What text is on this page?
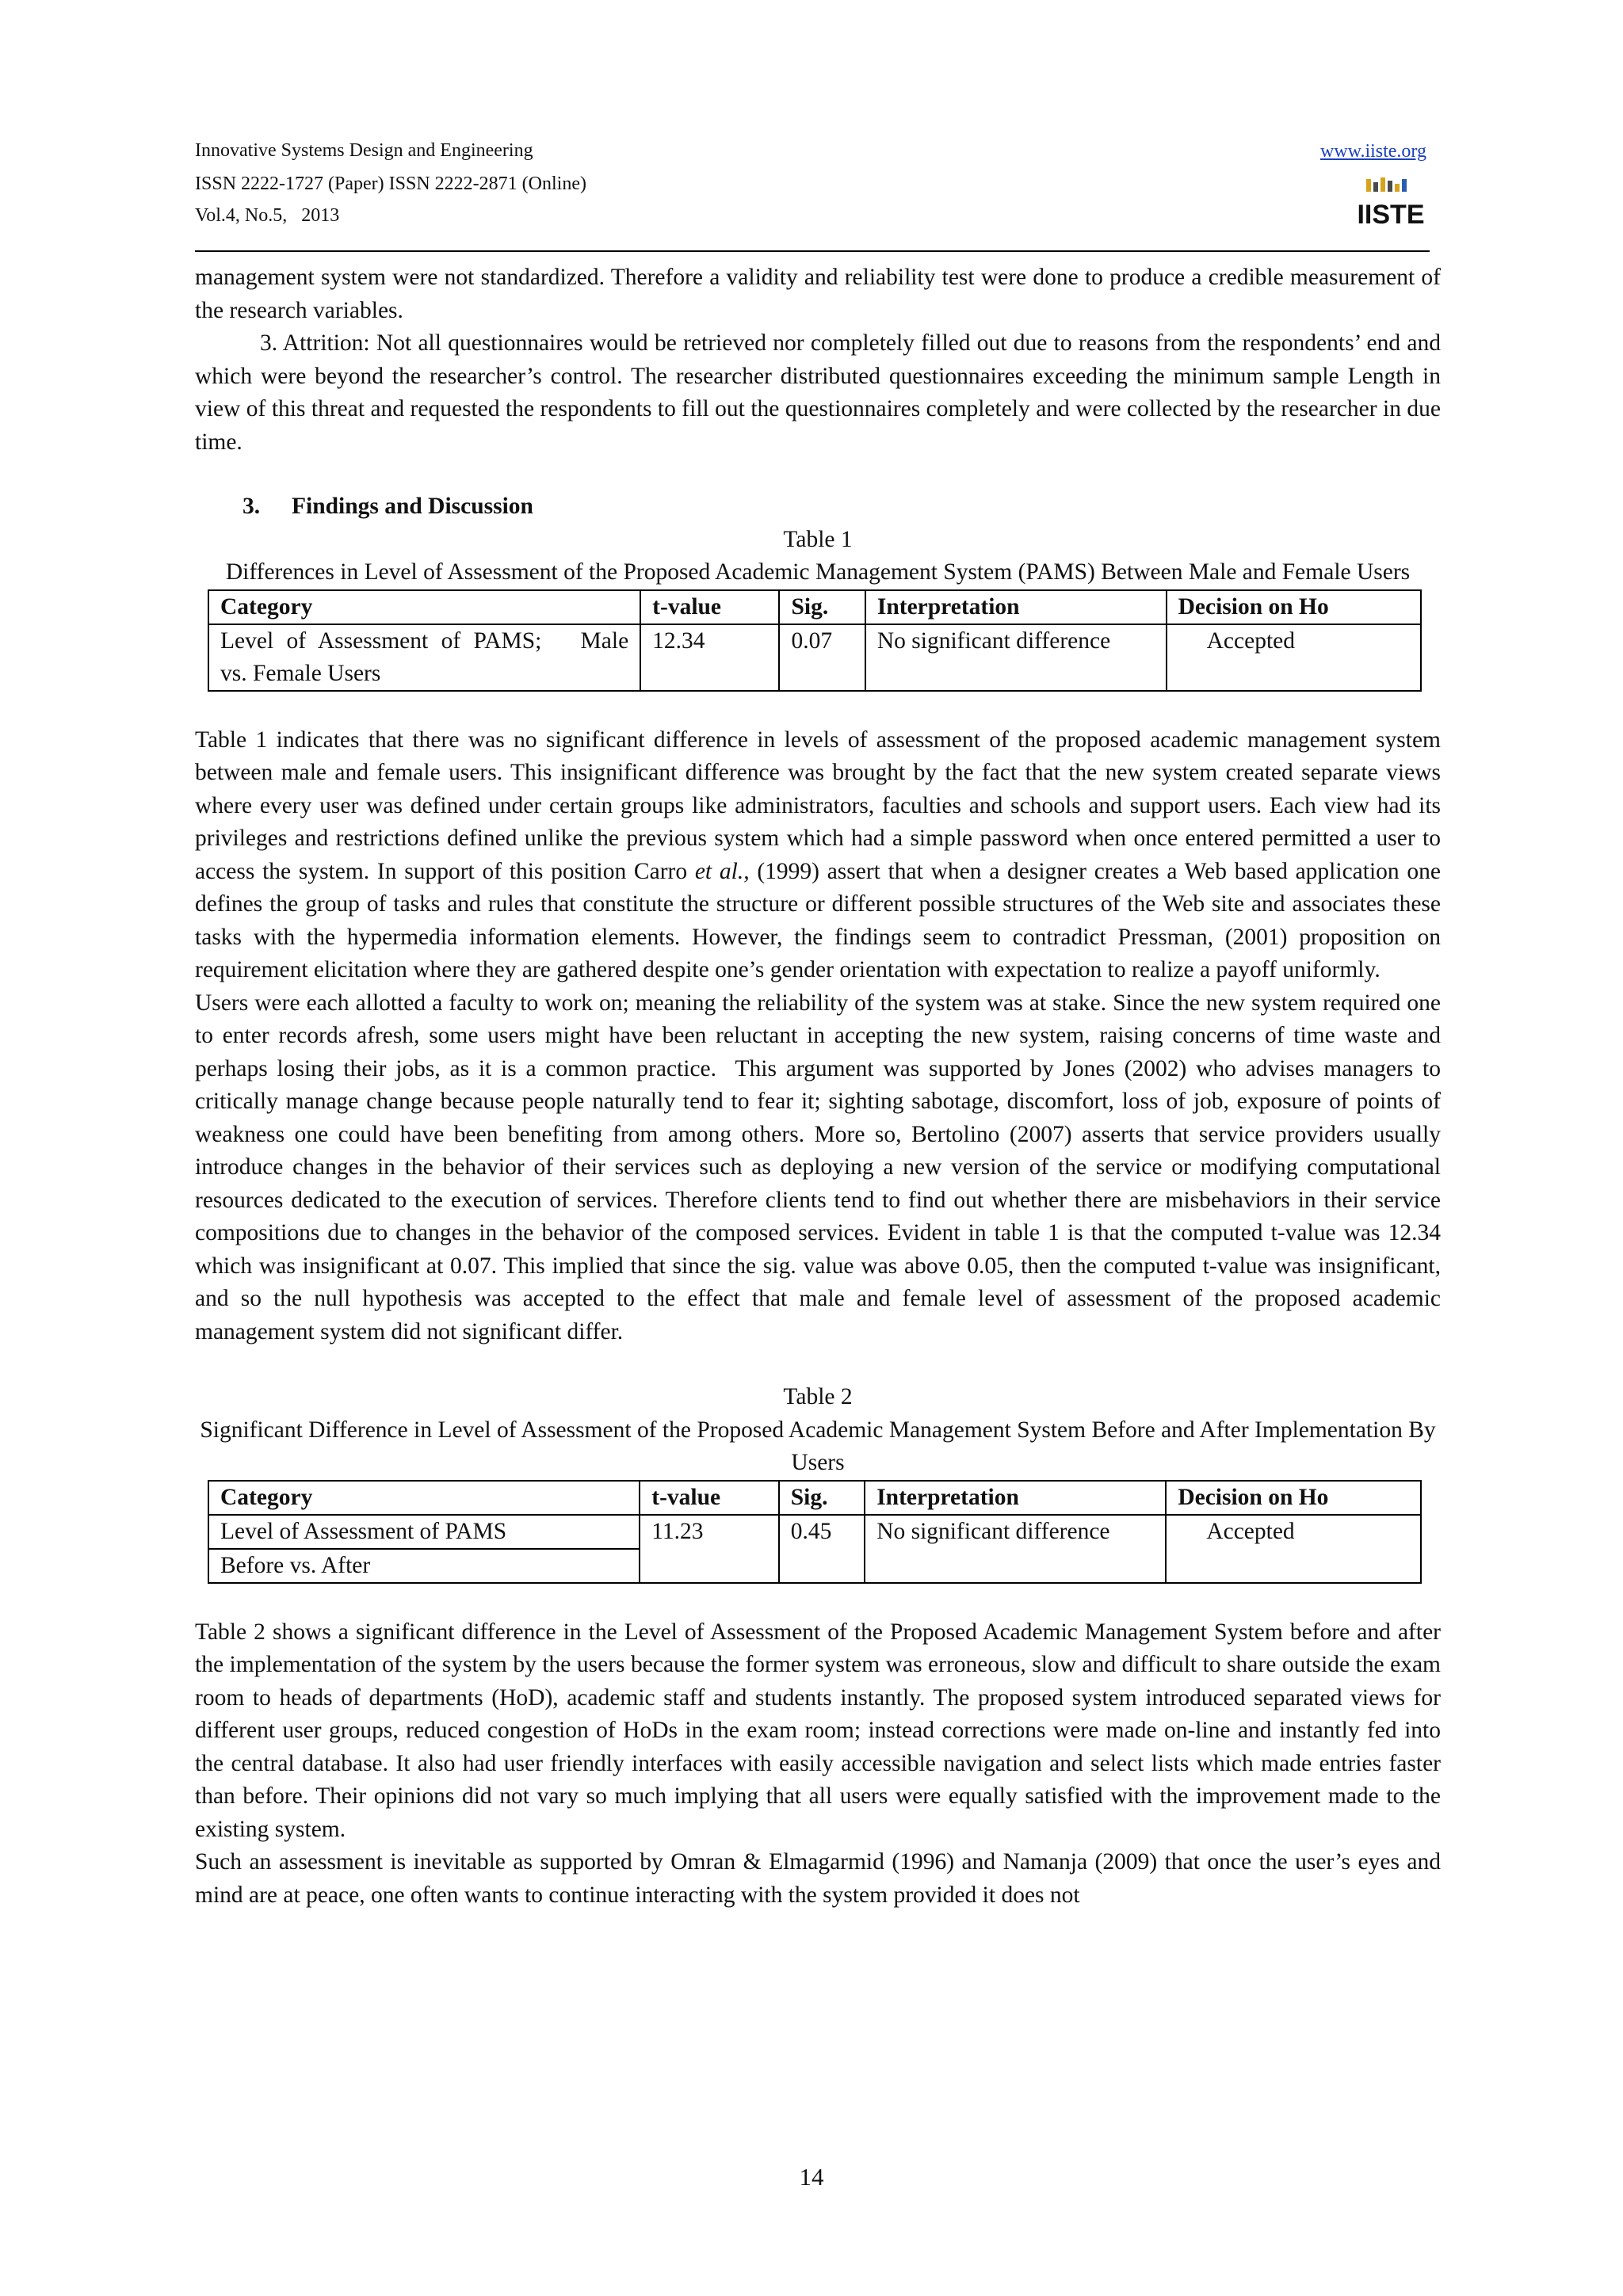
Innovative Systems Design and Engineering
ISSN 2222-1727 (Paper) ISSN 2222-2871 (Online)
Vol.4, No.5,   2013
www.iiste.org
IISTE

management system were not standardized. Therefore a validity and reliability test were done to produce a credible measurement of the research variables.

3. Attrition: Not all questionnaires would be retrieved nor completely filled out due to reasons from the respondents’ end and which were beyond the researcher’s control. The researcher distributed questionnaires exceeding the minimum sample Length in view of this threat and requested the respondents to fill out the questionnaires completely and were collected by the researcher in due time.

3. Findings and Discussion
Table 1
Differences in Level of Assessment of the Proposed Academic Management System (PAMS) Between Male and Female Users
Category	t-value	Sig.	Interpretation	Decision on Ho

Level of Assessment of PAMS;   Male
vs. Female Users	12.34	0.07	No significant difference	Accepted

Table 1 indicates that there was no significant difference in levels of assessment of the proposed academic management system between male and female users. This insignificant difference was brought by the fact that the new system created separate views where every user was defined under certain groups like administrators, faculties and schools and support users. Each view had its privileges and restrictions defined unlike the previous system which had a simple password when once entered permitted a user to access the system. In support of this position Carro et al., (1999) assert that when a designer creates a Web based application one defines the group of tasks and rules that constitute the structure or different possible structures of the Web site and associates these tasks with the hypermedia information elements. However, the findings seem to contradict Pressman, (2001) proposition on requirement elicitation where they are gathered despite one’s gender orientation with expectation to realize a payoff uniformly.

Users were each allotted a faculty to work on; meaning the reliability of the system was at stake. Since the new system required one to enter records afresh, some users might have been reluctant in accepting the new system, raising concerns of time waste and perhaps losing their jobs, as it is a common practice.  This argument was supported by Jones (2002) who advises managers to critically manage change because people naturally tend to fear it; sighting sabotage, discomfort, loss of job, exposure of points of weakness one could have been benefiting from among others. More so, Bertolino (2007) asserts that service providers usually introduce changes in the behavior of their services such as deploying a new version of the service or modifying computational resources dedicated to the execution of services. Therefore clients tend to find out whether there are misbehaviors in their service compositions due to changes in the behavior of the composed services. Evident in table 1 is that the computed t-value was 12.34 which was insignificant at 0.07. This implied that since the sig. value was above 0.05, then the computed t-value was insignificant, and so the null hypothesis was accepted to the effect that male and female level of assessment of the proposed academic management system did not significant differ.

Table 2
Significant Difference in Level of Assessment of the Proposed Academic Management System Before and After Implementation By Users
Category	t-value	Sig.	Interpretation	Decision on Ho
Level of Assessment of PAMS	11.23	0.45	No significant difference	Accepted
Before vs. After				

Table 2 shows a significant difference in the Level of Assessment of the Proposed Academic Management System before and after the implementation of the system by the users because the former system was erroneous, slow and difficult to share outside the exam room to heads of departments (HoD), academic staff and students instantly. The proposed system introduced separated views for different user groups, reduced congestion of HoDs in the exam room; instead corrections were made on-line and instantly fed into the central database. It also had user friendly interfaces with easily accessible navigation and select lists which made entries faster than before. Their opinions did not vary so much implying that all users were equally satisfied with the improvement made to the existing system.

Such an assessment is inevitable as supported by Omran & Elmagarmid (1996) and Namanja (2009) that once the user’s eyes and mind are at peace, one often wants to continue interacting with the system provided it does not

14
